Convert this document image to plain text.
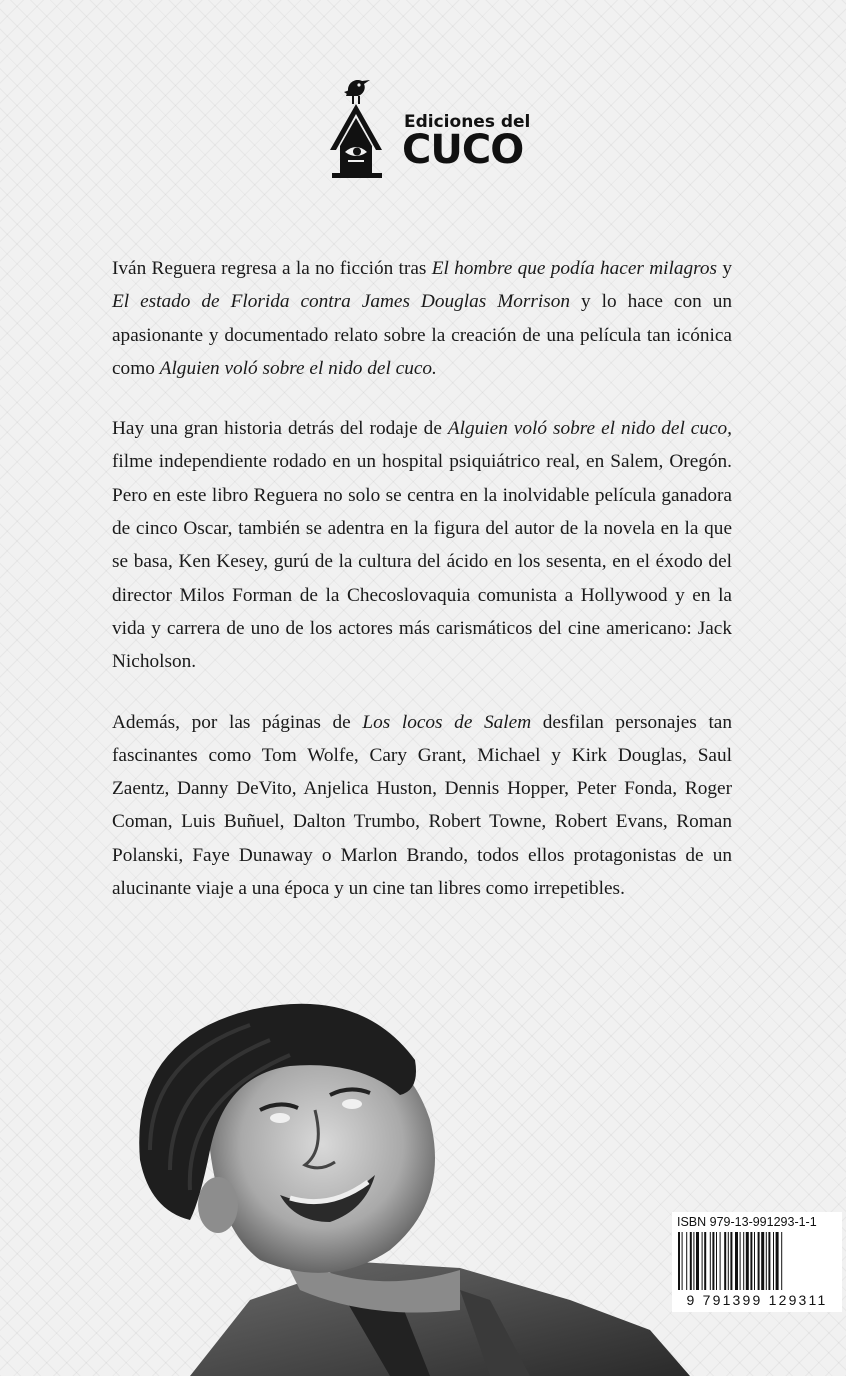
Ediciones del
CUCO

Iván Reguera regresa a la no ficción tras El hombre que podía hacer milagros y El estado de Florida contra James Douglas Morrison y lo hace con un apasionante y documentado relato sobre la creación de una película tan icónica como Alguien voló sobre el nido del cuco.

Hay una gran historia detrás del rodaje de Alguien voló sobre el nido del cuco, filme independiente rodado en un hospital psiquiátrico real, en Salem, Oregón. Pero en este libro Reguera no solo se centra en la inolvidable película ganadora de cinco Oscar, también se adentra en la figura del autor de la novela en la que se basa, Ken Kesey, gurú de la cultura del ácido en los sesenta, en el éxodo del director Milos Forman de la Checoslovaquia comunista a Hollywood y en la vida y carrera de uno de los actores más carismáticos del cine americano: Jack Nicholson.

Además, por las páginas de Los locos de Salem desfilan personajes tan fascinantes como Tom Wolfe, Cary Grant, Michael y Kirk Douglas, Saul Zaentz, Danny DeVito, Anjelica Huston, Dennis Hopper, Peter Fonda, Roger Coman, Luis Buñuel, Dalton Trumbo, Robert Towne, Robert Evans, Roman Polanski, Faye Dunaway o Marlon Brando, todos ellos protagonistas de un alucinante viaje a una época y un cine tan libres como irrepetibles.

ISBN 979-13-991293-1-1
9 791399 129311
